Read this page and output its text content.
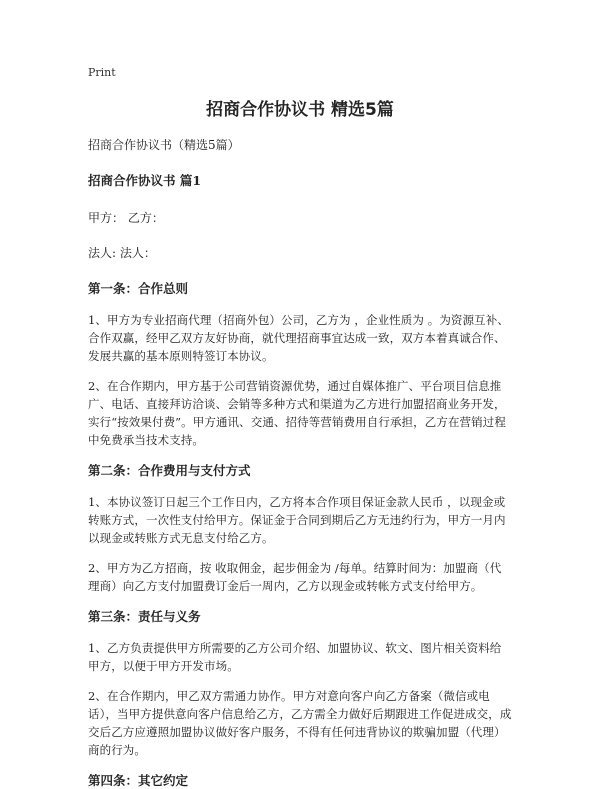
Print
招商合作协议书 精选5篇
招商合作协议书（精选5篇）
招商合作协议书 篇1
甲方： 乙方：
法人: 法人：
第一条：合作总则
1、甲方为专业招商代理（招商外包）公司，乙方为 ，企业性质为 。为资源互补、合作双赢，经甲乙双方友好协商，就代理招商事宜达成一致，双方本着真诚合作、发展共赢的基本原则特签订本协议。
2、在合作期内，甲方基于公司营销资源优势，通过自媒体推广、平台项目信息推广、电话、直接拜访洽谈、会销等多种方式和渠道为乙方进行加盟招商业务开发，实行“按效果付费”。甲方通讯、交通、招待等营销费用自行承担，乙方在营销过程中免费承当技术支持。
第二条：合作费用与支付方式
1、本协议签订日起三个工作日内，乙方将本合作项目保证金款人民币 ，以现金或转账方式，一次性支付给甲方。保证金于合同到期后乙方无违约行为，甲方一月内以现金或转账方式无息支付给乙方。
2、甲方为乙方招商，按 收取佣金，起步佣金为 /每单。结算时间为：加盟商（代理商）向乙方支付加盟费订金后一周内，乙方以现金或转帐方式支付给甲方。
第三条：责任与义务
1、乙方负责提供甲方所需要的乙方公司介绍、加盟协议、软文、图片相关资料给甲方，以便于甲方开发市场。
2、在合作期内，甲乙双方需通力协作。甲方对意向客户向乙方备案（微信或电话），当甲方提供意向客户信息给乙方，乙方需全力做好后期跟进工作促进成交，成交后乙方应遵照加盟协议做好客户服务，不得有任何违背协议的欺骗加盟（代理）商的行为。
第四条：其它约定
